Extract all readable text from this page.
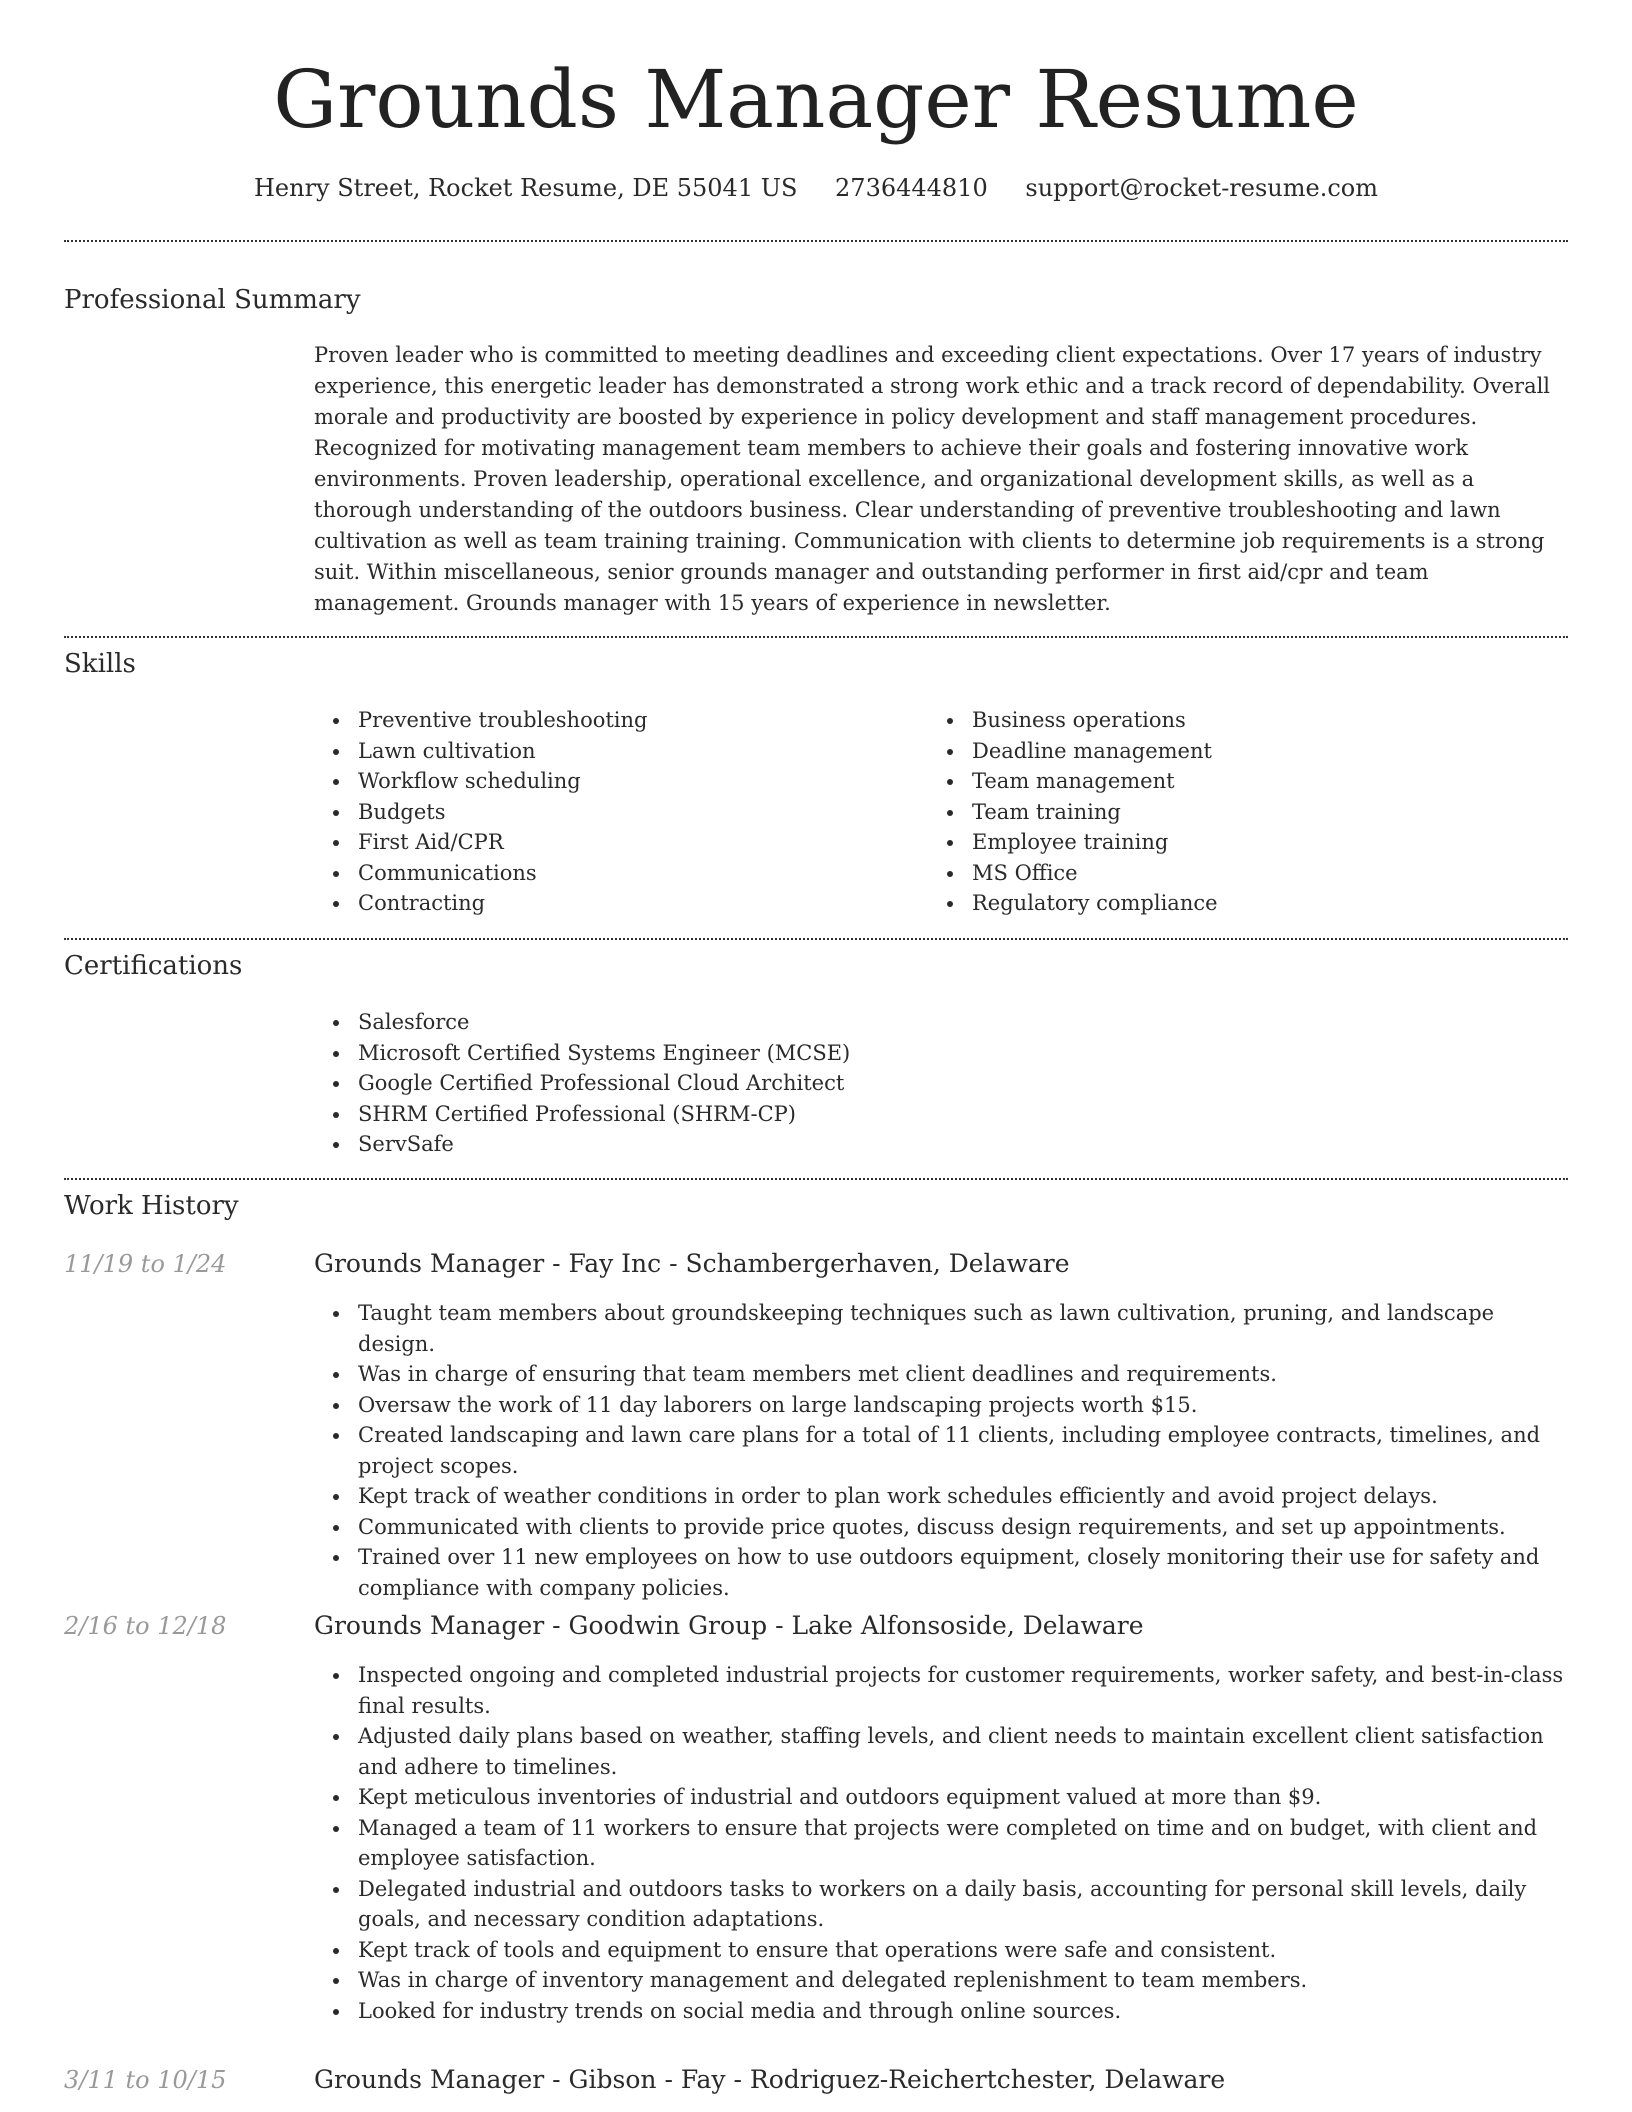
Grounds Manager Resume
Henry Street, Rocket Resume, DE 55041 US 2736444810 support@rocket-resume.com
Professional Summary
Proven leader who is committed to meeting deadlines and exceeding client expectations. Over 17 years of industry experience, this energetic leader has demonstrated a strong work ethic and a track record of dependability. Overall morale and productivity are boosted by experience in policy development and staff management procedures. Recognized for motivating management team members to achieve their goals and fostering innovative work environments. Proven leadership, operational excellence, and organizational development skills, as well as a thorough understanding of the outdoors business. Clear understanding of preventive troubleshooting and lawn cultivation as well as team training training. Communication with clients to determine job requirements is a strong suit. Within miscellaneous, senior grounds manager and outstanding performer in first aid/cpr and team management. Grounds manager with 15 years of experience in newsletter.
Skills
Preventive troubleshooting
Lawn cultivation
Workflow scheduling
Budgets
First Aid/CPR
Communications
Contracting
Business operations
Deadline management
Team management
Team training
Employee training
MS Office
Regulatory compliance
Certifications
Salesforce
Microsoft Certified Systems Engineer (MCSE)
Google Certified Professional Cloud Architect
SHRM Certified Professional (SHRM-CP)
ServSafe
Work History
11/19 to 1/24	Grounds Manager - Fay Inc - Schambergerhaven, Delaware
Taught team members about groundskeeping techniques such as lawn cultivation, pruning, and landscape design.
Was in charge of ensuring that team members met client deadlines and requirements.
Oversaw the work of 11 day laborers on large landscaping projects worth $15.
Created landscaping and lawn care plans for a total of 11 clients, including employee contracts, timelines, and project scopes.
Kept track of weather conditions in order to plan work schedules efficiently and avoid project delays.
Communicated with clients to provide price quotes, discuss design requirements, and set up appointments.
Trained over 11 new employees on how to use outdoors equipment, closely monitoring their use for safety and compliance with company policies.
2/16 to 12/18	Grounds Manager - Goodwin Group - Lake Alfonsoside, Delaware
Inspected ongoing and completed industrial projects for customer requirements, worker safety, and best-in-class final results.
Adjusted daily plans based on weather, staffing levels, and client needs to maintain excellent client satisfaction and adhere to timelines.
Kept meticulous inventories of industrial and outdoors equipment valued at more than $9.
Managed a team of 11 workers to ensure that projects were completed on time and on budget, with client and employee satisfaction.
Delegated industrial and outdoors tasks to workers on a daily basis, accounting for personal skill levels, daily goals, and necessary condition adaptations.
Kept track of tools and equipment to ensure that operations were safe and consistent.
Was in charge of inventory management and delegated replenishment to team members.
Looked for industry trends on social media and through online sources.
3/11 to 10/15	Grounds Manager - Gibson - Fay - Rodriguez-Reichertchester, Delaware
